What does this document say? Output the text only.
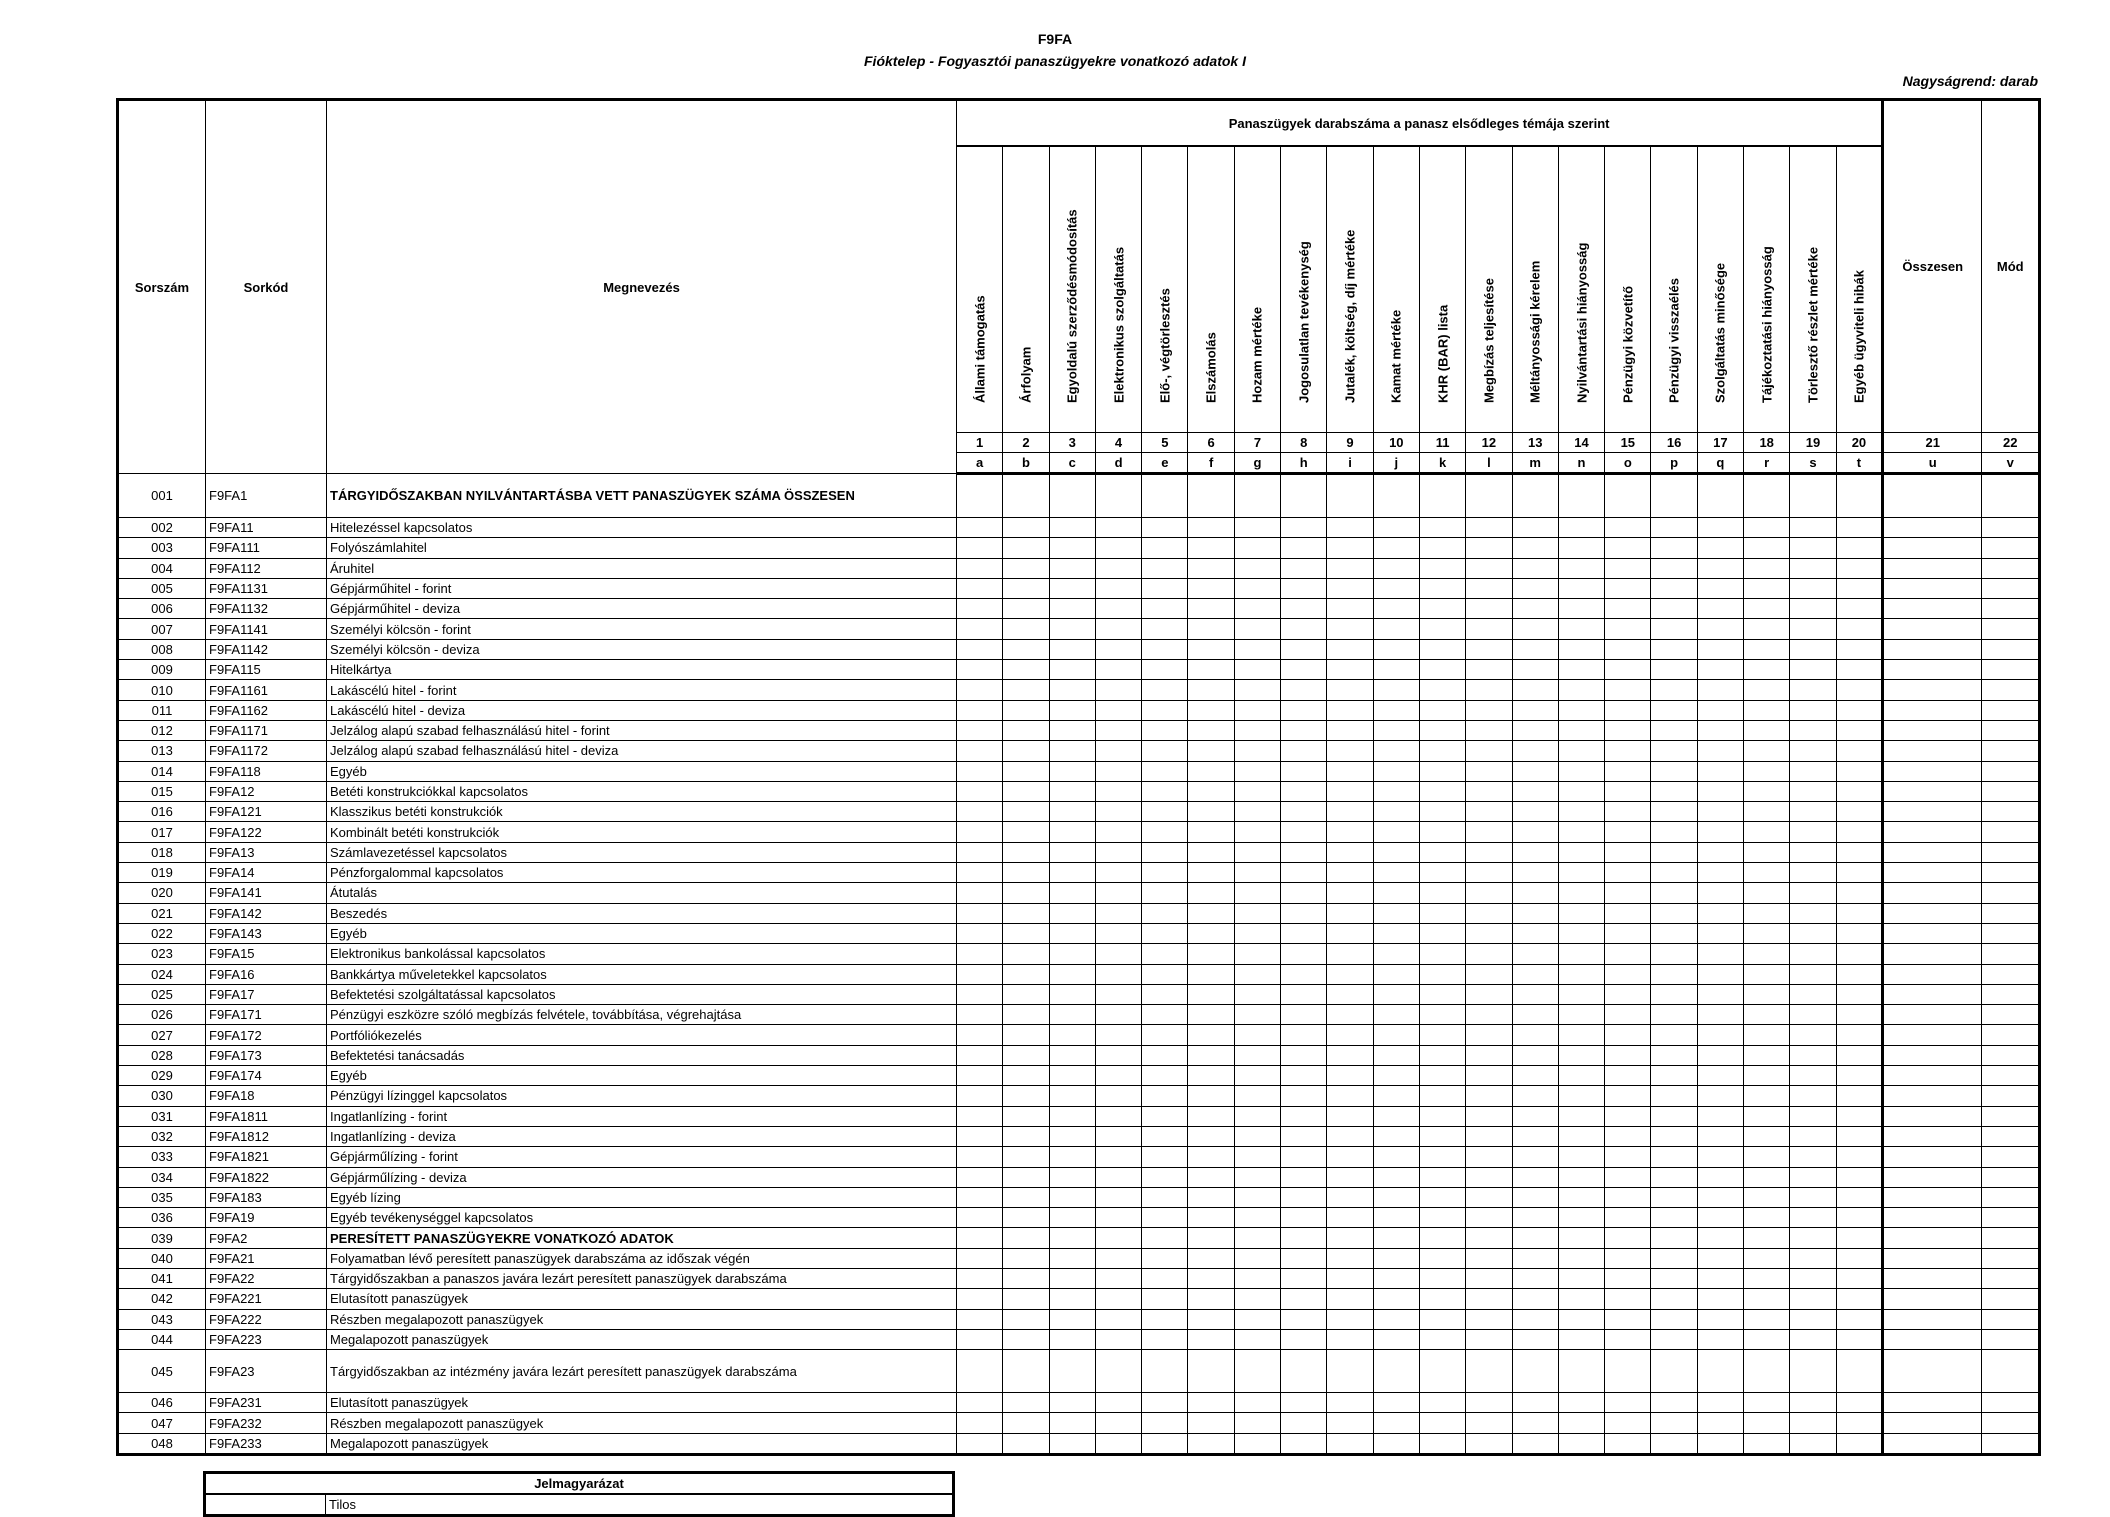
F9FA
Fióktelep - Fogyasztói panaszügyekre vonatkozó adatok I
Nagyságrend: darab
Sorszám	Sorkód	Megnevezés	Panaszügyek darabszáma a panasz elsődleges témája szerint																				Összesen	Mód

			Állami támogatás	Árfolyam	Egyoldalú szerződésmódosítás	Elektronikus szolgáltatás	Elő-, végtörlesztés	Elszámolás	Hozam mértéke	Jogosulatlan tevékenység	Jutalék, költség, díj mértéke	Kamat mértéke	KHR (BAR) lista	Megbízás teljesítése	Méltányossági kérelem	Nyilvántartási hiányosság	Pénzügyi közvetítő	Pénzügyi visszaélés	Szolgáltatás minősége	Tájékoztatási hiányosság	Törlesztő részlet mértéke	Egyéb ügyviteli hibák		

			1	2	3	4	5	6	7	8	9	10	11	12	13	14	15	16	17	18	19	20	21	22
			a	b	c	d	e	f	g	h	i	j	k	l	m	n	o	p	q	r	s	t	u	v
001	F9FA1	TÁRGYIDŐSZAKBAN NYILVÁNTARTÁSBA VETT PANASZÜGYEK SZÁMA ÖSSZESEN																						
002	F9FA11	Hitelezéssel kapcsolatos																						
003	F9FA111	Folyószámlahitel																						
004	F9FA112	Áruhitel																						
005	F9FA1131	Gépjárműhitel - forint																						
006	F9FA1132	Gépjárműhitel - deviza																						
007	F9FA1141	Személyi kölcsön - forint																						
008	F9FA1142	Személyi kölcsön - deviza																						
009	F9FA115	Hitelkártya																						
010	F9FA1161	Lakáscélú hitel - forint																						
011	F9FA1162	Lakáscélú hitel - deviza																						
012	F9FA1171	Jelzálog alapú szabad felhasználású hitel - forint																						
013	F9FA1172	Jelzálog alapú szabad felhasználású hitel - deviza																						
014	F9FA118	Egyéb																						
015	F9FA12	Betéti konstrukciókkal kapcsolatos																						
016	F9FA121	Klasszikus betéti konstrukciók																						
017	F9FA122	Kombinált betéti konstrukciók																						
018	F9FA13	Számlavezetéssel kapcsolatos																						
019	F9FA14	Pénzforgalommal kapcsolatos																						
020	F9FA141	Átutalás																						
021	F9FA142	Beszedés																						
022	F9FA143	Egyéb																						
023	F9FA15	Elektronikus bankolással kapcsolatos																						
024	F9FA16	Bankkártya műveletekkel kapcsolatos																						
025	F9FA17	Befektetési szolgáltatással kapcsolatos																						
026	F9FA171	Pénzügyi eszközre szóló megbízás felvétele, továbbítása, végrehajtása																						
027	F9FA172	Portfóliókezelés																						
028	F9FA173	Befektetési tanácsadás																						
029	F9FA174	Egyéb																						
030	F9FA18	Pénzügyi lízinggel kapcsolatos																						
031	F9FA1811	Ingatlanlízing - forint																						
032	F9FA1812	Ingatlanlízing - deviza																						
033	F9FA1821	Gépjárműlízing - forint																						
034	F9FA1822	Gépjárműlízing - deviza																						
035	F9FA183	Egyéb lízing																						
036	F9FA19	Egyéb tevékenységgel kapcsolatos																						
039	F9FA2	PERESÍTETT PANASZÜGYEKRE VONATKOZÓ ADATOK																						
040	F9FA21	Folyamatban lévő peresített panaszügyek darabszáma az időszak végén																						
041	F9FA22	Tárgyidőszakban a panaszos javára lezárt peresített panaszügyek darabszáma																						
042	F9FA221	Elutasított panaszügyek																						
043	F9FA222	Részben megalapozott panaszügyek																						
044	F9FA223	Megalapozott panaszügyek																						
045	F9FA23	Tárgyidőszakban az intézmény javára lezárt peresített panaszügyek darabszáma																						
046	F9FA231	Elutasított panaszügyek																						
047	F9FA232	Részben megalapozott panaszügyek																						
048	F9FA233	Megalapozott panaszügyek																						
Jelmagyarázat
	Tilos
